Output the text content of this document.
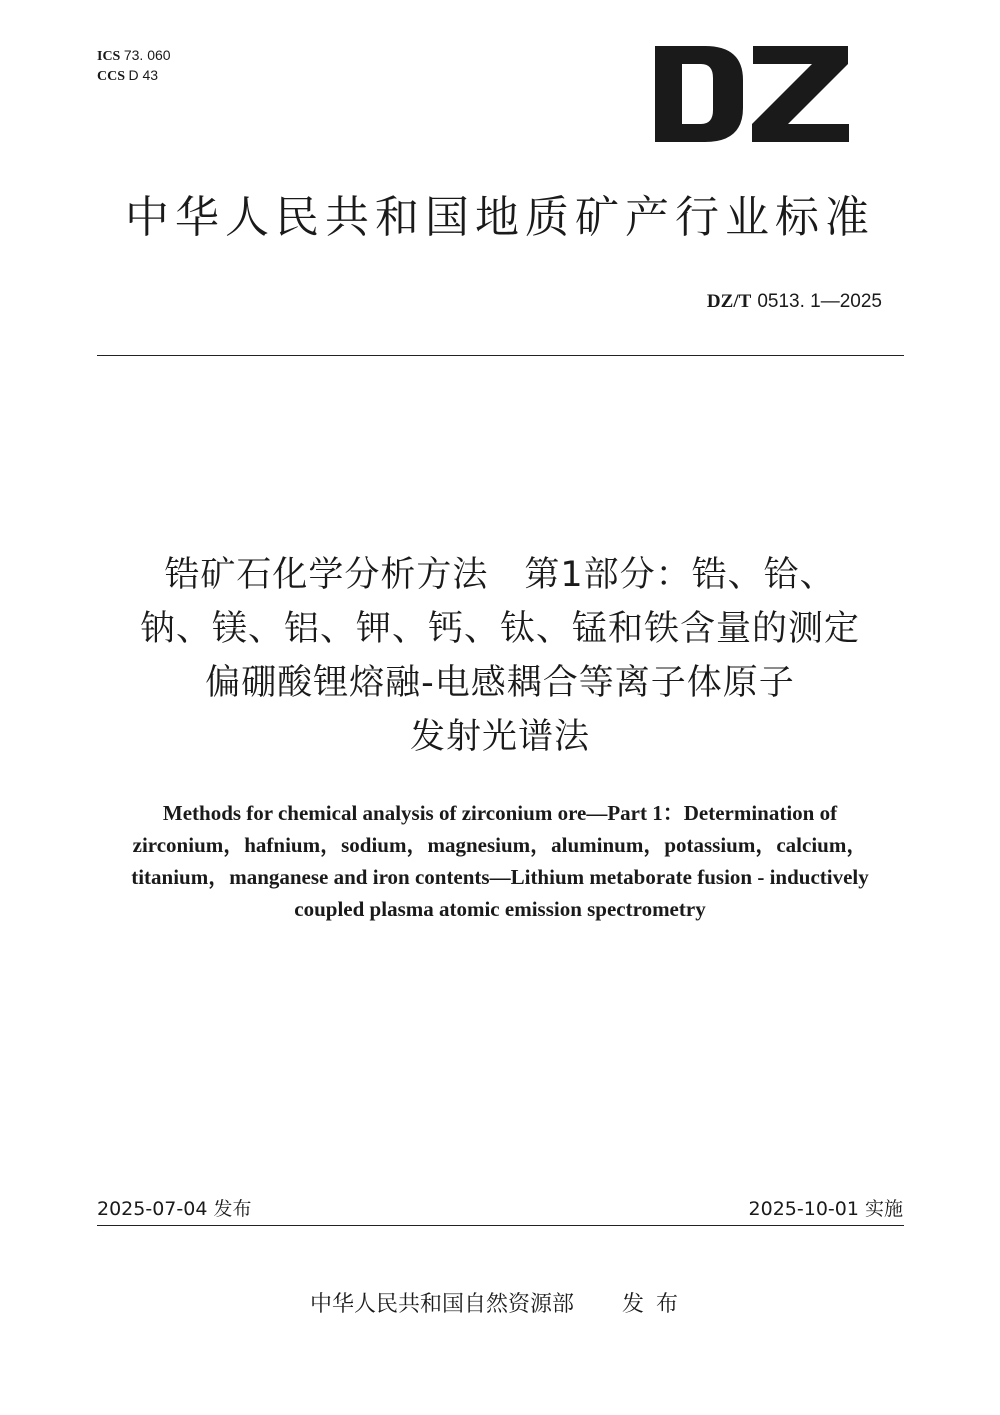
ICS 73. 060
CCS D 43
中华人民共和国地质矿产行业标准
DZ/T 0513. 1—2025
锆矿石化学分析方法　第1部分：锆、铪、
钠、镁、铝、钾、钙、钛、锰和铁含量的测定
偏硼酸锂熔融-电感耦合等离子体原子
发射光谱法
Methods for chemical analysis of zirconium ore—Part 1：Determination of
zirconium，hafnium，sodium，magnesium，aluminum，potassium，calcium，
titanium，manganese and iron contents—Lithium metaborate fusion - inductively
coupled plasma atomic emission spectrometry
2025-07-04 发布	2025-10-01 实施
中华人民共和国自然资源部 发布
